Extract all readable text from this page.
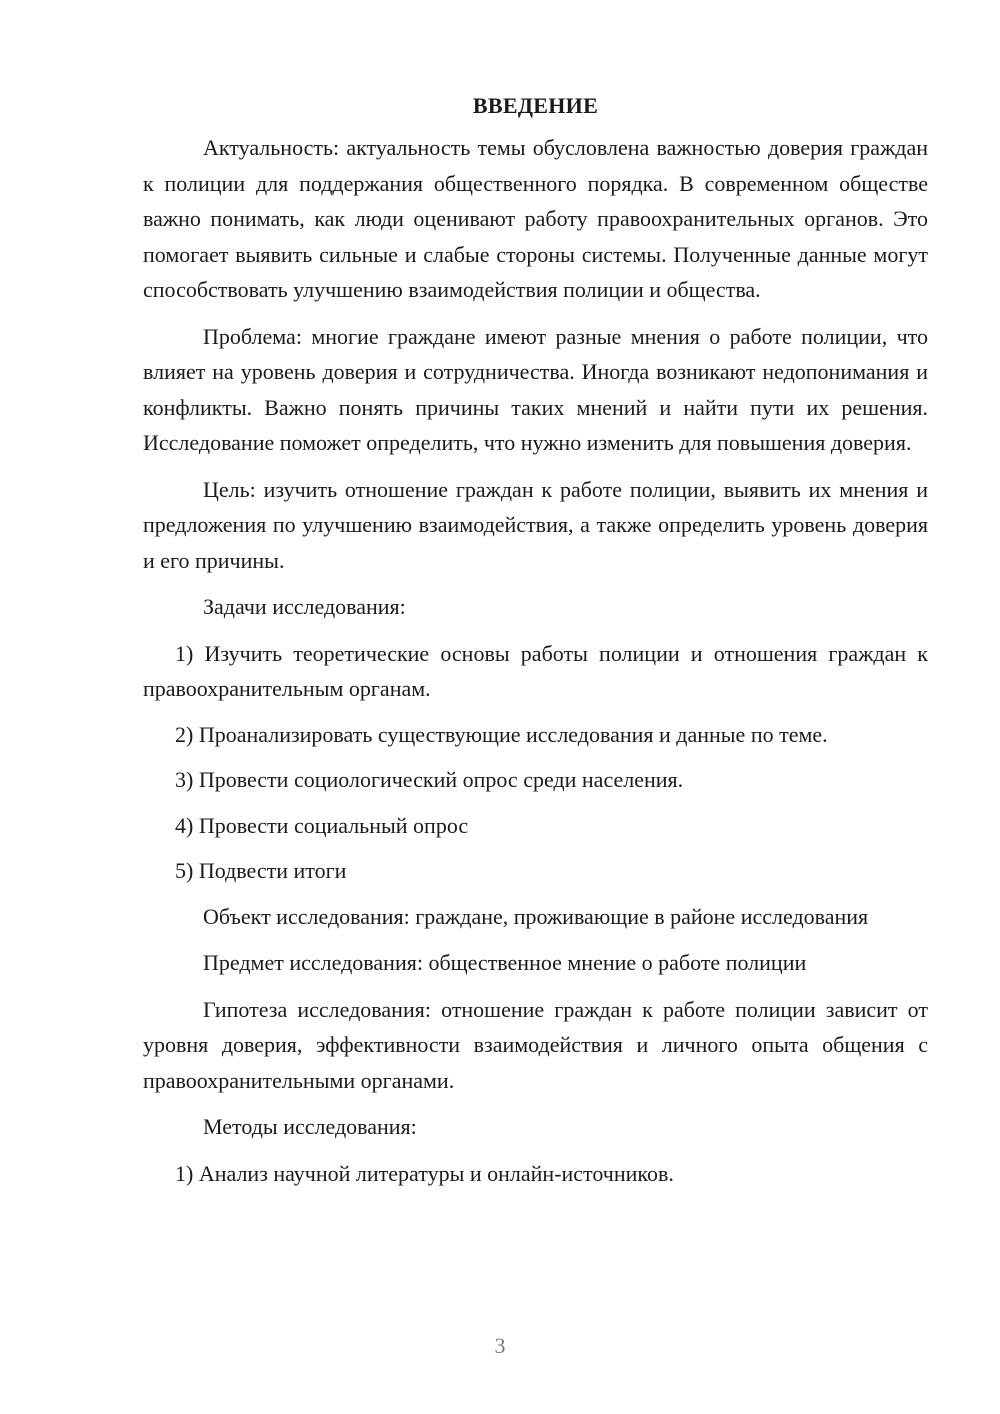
ВВЕДЕНИЕ

Актуальность: актуальность темы обусловлена важностью доверия граждан к полиции для поддержания общественного порядка. В современном обществе важно понимать, как люди оценивают работу правоохранительных органов. Это помогает выявить сильные и слабые стороны системы. Полученные данные могут способствовать улучшению взаимодействия полиции и общества.

Проблема: многие граждане имеют разные мнения о работе полиции, что влияет на уровень доверия и сотрудничества. Иногда возникают недопонимания и конфликты. Важно понять причины таких мнений и найти пути их решения. Исследование поможет определить, что нужно изменить для повышения доверия.

Цель: изучить отношение граждан к работе полиции, выявить их мнения и предложения по улучшению взаимодействия, а также определить уровень доверия и его причины.

Задачи исследования:

1) Изучить теоретические основы работы полиции и отношения граждан к правоохранительным органам.

2) Проанализировать существующие исследования и данные по теме.

3) Провести социологический опрос среди населения.

4) Провести социальный опрос

5) Подвести итоги

Объект исследования: граждане, проживающие в районе исследования

Предмет исследования: общественное мнение о работе полиции

Гипотеза исследования: отношение граждан к работе полиции зависит от уровня доверия, эффективности взаимодействия и личного опыта общения с правоохранительными органами.

Методы исследования:

1) Анализ научной литературы и онлайн-источников.

3
